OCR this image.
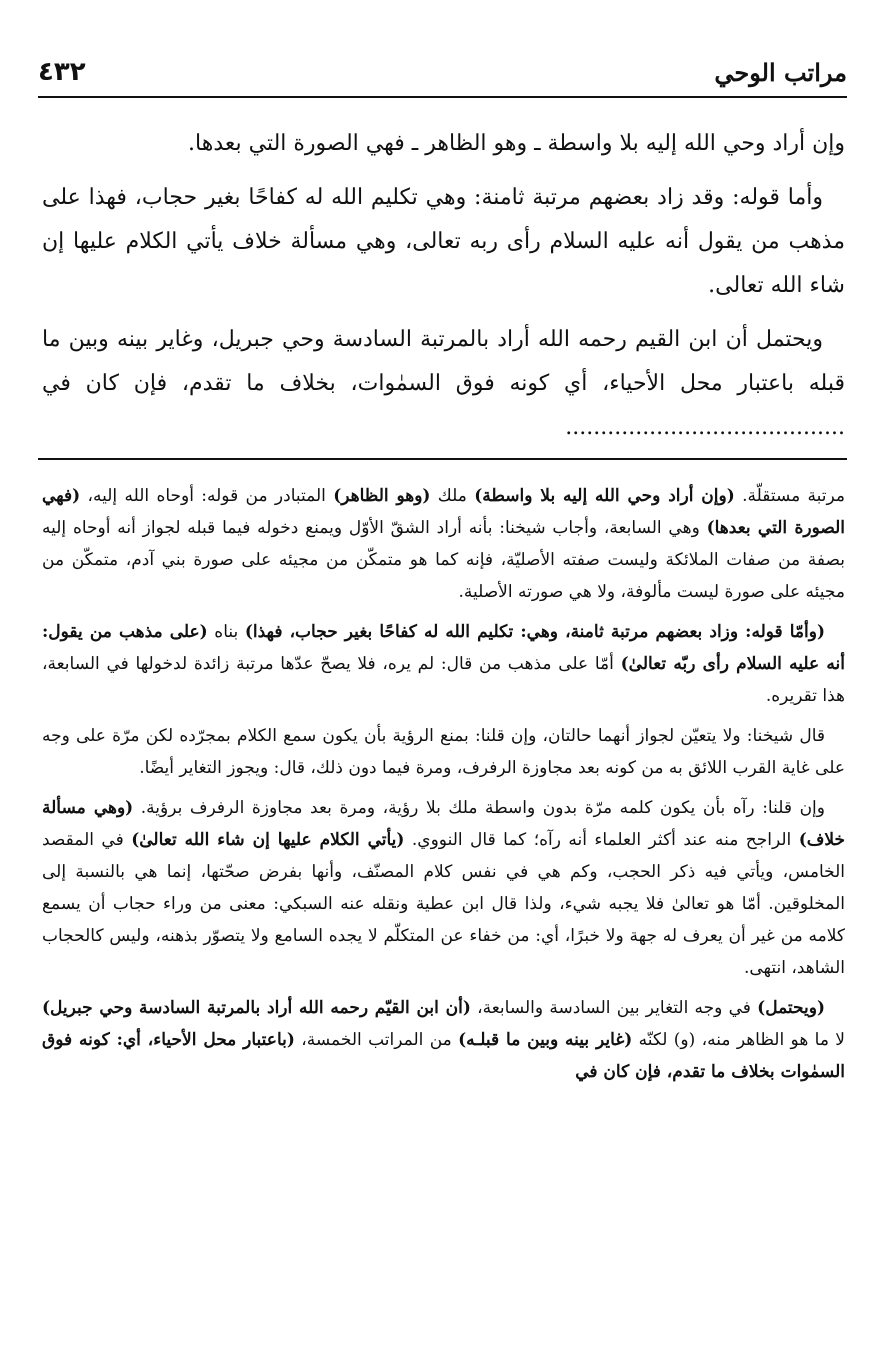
٤٣٢	مراتب الوحي

وإن أراد وحي الله إليه بلا واسطة ـ وهو الظاهر ـ فهي الصورة التي بعدها.

وأما قوله: وقد زاد بعضهم مرتبة ثامنة: وهي تكليم الله له كفاحًا بغير حجاب، فهذا على مذهب من يقول أنه عليه السلام رأى ربه تعالى، وهي مسألة خلاف يأتي الكلام عليها إن شاء الله تعالى.

ويحتمل أن ابن القيم رحمه الله أراد بالمرتبة السادسة وحي جبريل، وغاير بينه وبين ما قبله باعتبار محل الأحياء، أي كونه فوق السمٰوات، بخلاف ما تقدم، فإن كان في ........................................

مرتبة مستقلّة. (وإن أراد وحي الله إليه بلا واسطة) ملك (وهو الظاهر) المتبادر من قوله: أوحاه الله إليه، (فهي الصورة التي بعدها) وهي السابعة، وأجاب شيخنا: بأنه أراد الشقّ الأوّل ويمنع دخوله فيما قبله لجواز أنه أوحاه إليه بصفة من صفات الملائكة وليست صفته الأصليّة، فإنه كما هو متمكّن من مجيئه على صورة بني آدم، متمكّن من مجيئه على صورة ليست مألوفة، ولا هي صورته الأصلية.

(وأمّا قوله: وزاد بعضهم مرتبة ثامنة، وهي: تكليم الله له كفاحًا بغير حجاب، فهذا) بناه (على مذهب من يقول: أنه عليه السلام رأى ربّه تعالىٰ) أمّا على مذهب من قال: لم يره، فلا يصحّ عدّها مرتبة زائدة لدخولها في السابعة، هذا تقريره.

قال شيخنا: ولا يتعيّن لجواز أنهما حالتان، وإن قلنا: بمنع الرؤية بأن يكون سمع الكلام بمجرّده لكن مرّة على وجه على غاية القرب اللائق به من كونه بعد مجاوزة الرفرف، ومرة فيما دون ذلك، قال: ويجوز التغاير أيضًا.

وإن قلنا: رآه بأن يكون كلمه مرّة بدون واسطة ملك بلا رؤية، ومرة بعد مجاوزة الرفرف برؤية. (وهي مسألة خلاف) الراجح منه عند أكثر العلماء أنه رآه؛ كما قال النووي. (يأتي الكلام عليها إن شاء الله تعالىٰ) في المقصد الخامس، ويأتي فيه ذكر الحجب، وكم هي في نفس كلام المصنّف، وأنها بفرض صحّتها، إنما هي بالنسبة إلى المخلوقين. أمّا هو تعالىٰ فلا يجبه شيء، ولذا قال ابن عطية ونقله عنه السبكي: معنى من وراء حجاب أن يسمع كلامه من غير أن يعرف له جهة ولا خبرًا، أي: من خفاء عن المتكلّم لا يجده السامع ولا يتصوّر بذهنه، وليس كالحجاب الشاهد، انتهى.

(ويحتمل) في وجه التغاير بين السادسة والسابعة، (أن ابن القيّم رحمه الله أراد بالمرتبة السادسة وحي جبريل) لا ما هو الظاهر منه، (و) لكنّه (غاير بينه وبين ما قبلـه) من المراتب الخمسة، (باعتبار محل الأحياء، أي: كونه فوق السمٰوات بخلاف ما تقدم، فإن كان في
